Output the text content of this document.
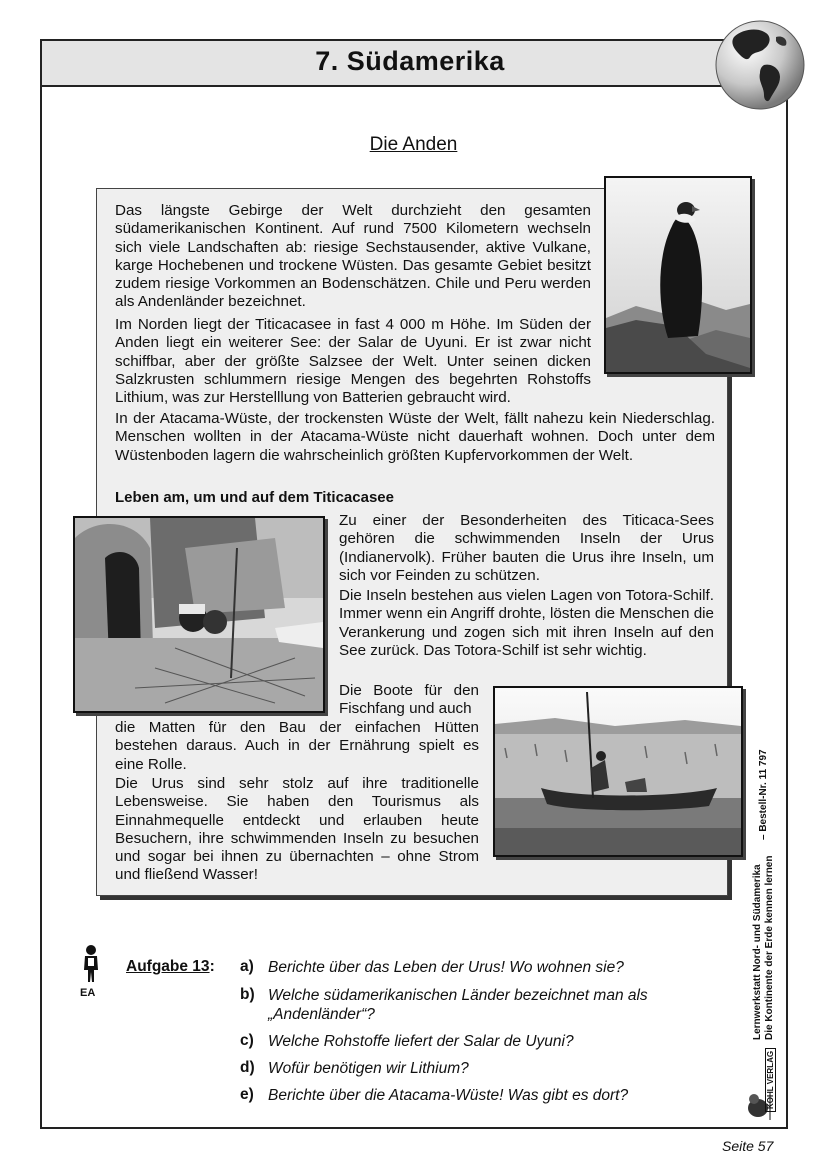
7. Südamerika
Die Anden

Das längste Gebirge der Welt durchzieht den gesamten südamerikanischen Kontinent. Auf rund 7500 Kilometern wechseln sich viele Landschaften ab: riesige Sechstausender, aktive Vulkane, karge Hochebenen und trockene Wüsten. Das gesamte Gebiet besitzt zudem riesige Vorkommen an Bodenschätzen. Chile und Peru werden als Andenländer bezeichnet.

Im Norden liegt der Titicacasee in fast 4 000 m Höhe. Im Süden der Anden liegt ein weiterer See: der Salar de Uyuni. Er ist zwar nicht schiffbar, aber der größte Salzsee der Welt. Unter seinen dicken Salzkrusten schlummern riesige Mengen des begehrten Rohstoffs Lithium, was zur Herstelllung von Batterien gebraucht wird.

In der Atacama-Wüste, der trockensten Wüste der Welt, fällt nahezu kein Niederschlag. Menschen wollten in der Atacama-Wüste nicht dauerhaft wohnen. Doch unter dem Wüstenboden lagern die wahrscheinlich größten Kupfervorkommen der Welt.

Leben am, um und auf dem Titicacasee

Zu einer der Besonderheiten des Titicaca-Sees gehören die schwimmenden Inseln der Urus (Indianervolk). Früher bauten die Urus ihre Inseln, um sich vor Feinden zu schützen.

Die Inseln bestehen aus vielen Lagen von Totora-Schilf. Immer wenn ein Angriff drohte, lösten die Menschen die Verankerung und zogen sich mit ihren Inseln auf den See zurück. Das Totora-Schilf ist sehr wichtig.

Die Boote für den Fischfang und auch

die Matten für den Bau der einfachen Hütten bestehen daraus. Auch in der Ernährung spielt es eine Rolle.

Die Urus sind sehr stolz auf ihre traditionelle Lebensweise. Sie haben den Tourismus als Einnahmequelle entdeckt und erlauben heute Besuchern, ihre schwimmenden Inseln zu besuchen und sogar bei ihnen zu übernachten – ohne Strom und fließend Wasser!

EA
Aufgabe 13: a) Berichte über das Leben der Urus! Wo wohnen sie?
b) Welche südamerikanischen Länder bezeichnet man als „Andenländer“?
c) Welche Rohstoffe liefert der Salar de Uyuni?
d) Wofür benötigen wir Lithium?
e) Berichte über die Atacama-Wüste! Was gibt es dort?
– Bestell-Nr. 11 797
Lernwerkstatt Nord- und Südamerika Die Kontinente der Erde kennen lernen
KOHL VERLAG
Seite 57
